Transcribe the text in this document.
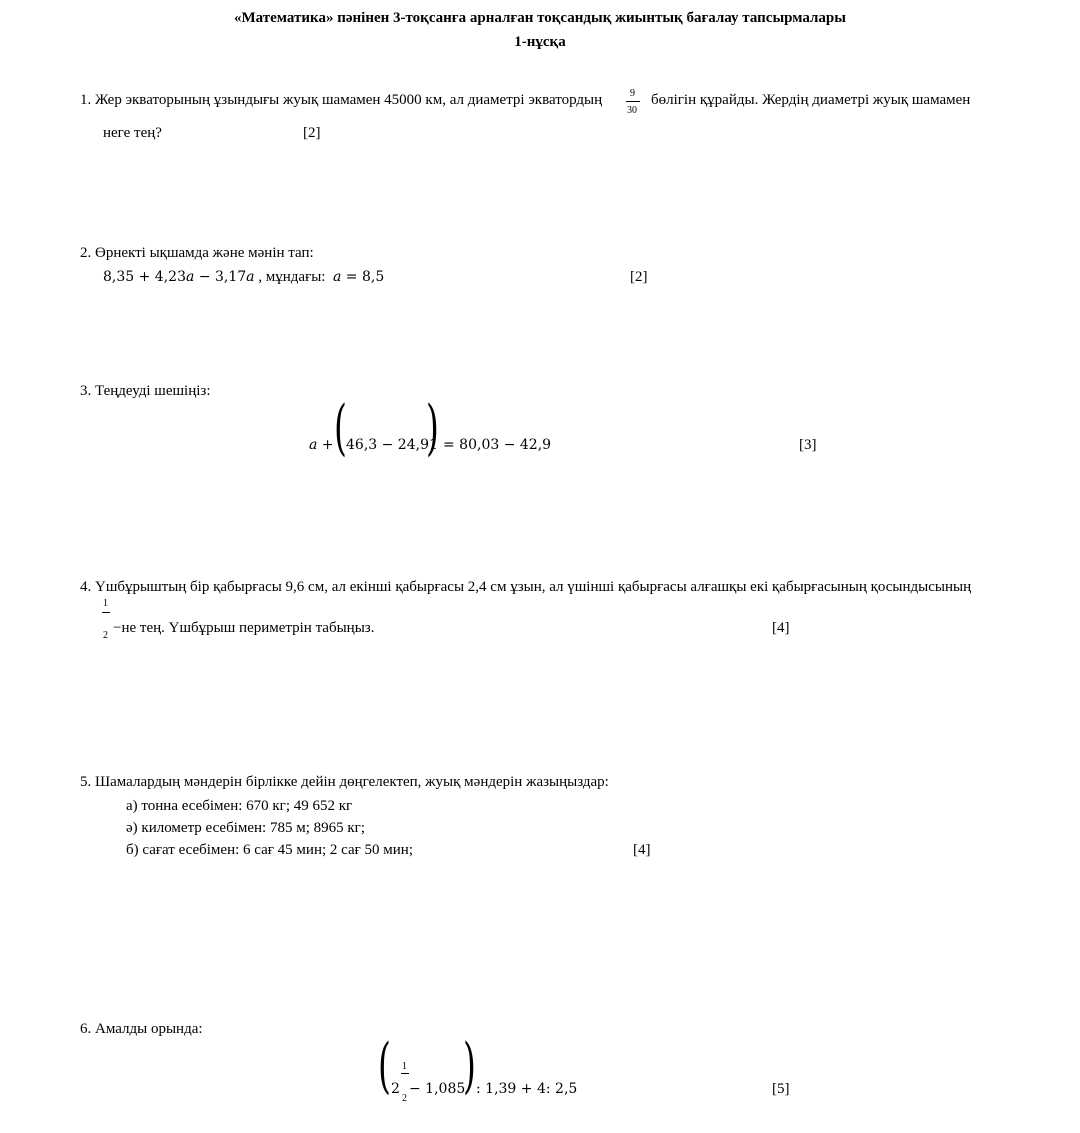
«Математика» пәнінен 3-тоқсанға арналған тоқсандық жиынтық бағалау тапсырмалары
1-нұсқа
1. Жер экваторының ұзындығы жуық шамамен 45000 км, ал диаметрі экватордың	9
30
бөлігін құрайды. Жердің диаметрі жуық шамамен
неге тең?	[2]
2. Өрнекті ықшамда және мәнін тап:
8,35 + 4,23a − 3,17a , мұндағы: a = 8,5	[2]
3. Теңдеуді шешіңіз:
a + ( 46,3 − 24,91
) = 80,03 − 42,9	[3]
4. Үшбұрыштың бір қабырғасы 9,6 см, ал екінші қабырғасы 2,4 см ұзын, ал үшінші қабырғасы алғашқы екі қабырғасының қосындысының
1
2 −не тең. Үшбұрыш периметрін табыңыз.	[4]
5. Шамалардың мәндерін бірлікке дейін дөңгелектеп, жуық мәндерін жазыңыздар:
а) тонна есебімен: 670 кг; 49 652 кг
ә) километр есебімен: 785 м; 8965 кг;
б) сағат есебімен: 6 сағ 45 мин; 2 сағ 50 мин;	[4]
6. Амалды орында:
( 2
1
2
− 1,085
) : 1,39 + 4: 2,5	[5]
